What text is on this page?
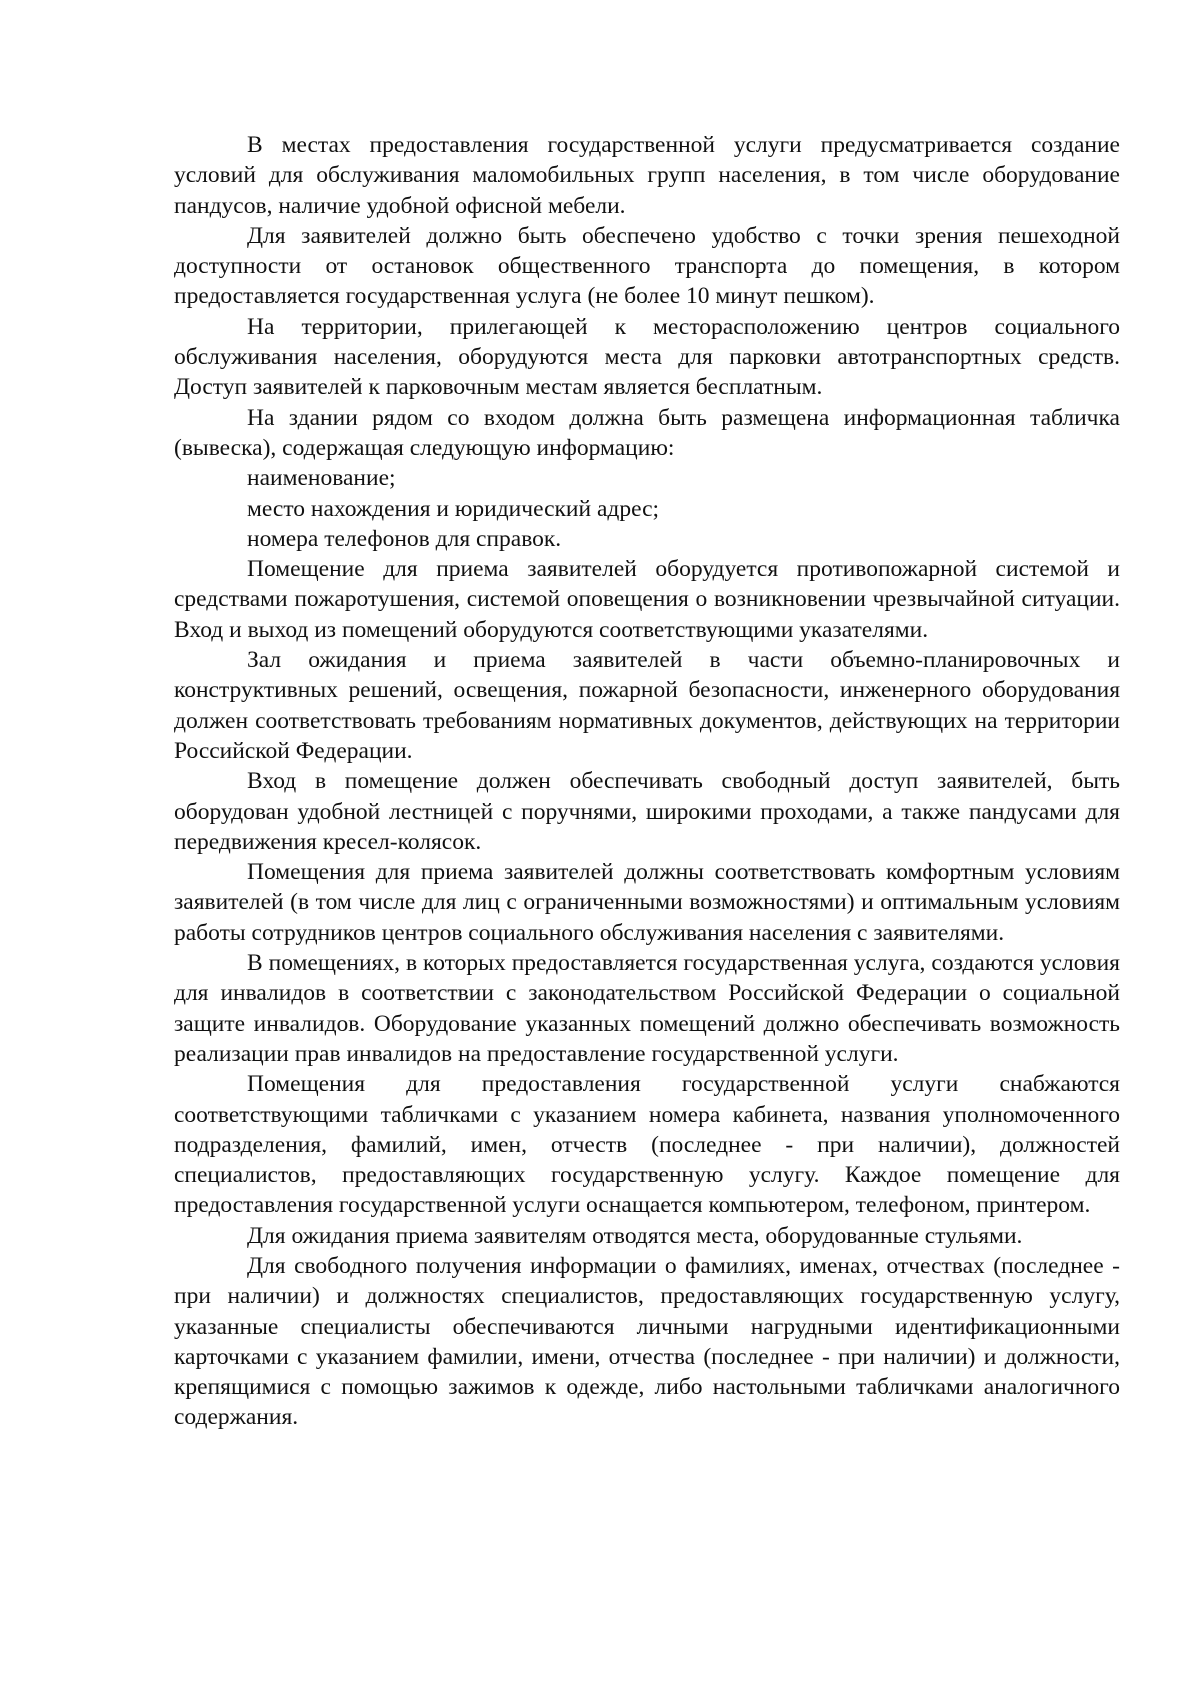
В местах предоставления государственной услуги предусматривается создание условий для обслуживания маломобильных групп населения, в том числе оборудование пандусов, наличие удобной офисной мебели.

Для заявителей должно быть обеспечено удобство с точки зрения пешеходной доступности от остановок общественного транспорта до помещения, в котором предоставляется государственная услуга (не более 10 минут пешком).

На территории, прилегающей к месторасположению центров социального обслуживания населения, оборудуются места для парковки автотранспортных средств. Доступ заявителей к парковочным местам является бесплатным.

На здании рядом со входом должна быть размещена информационная табличка (вывеска), содержащая следующую информацию:

наименование;

место нахождения и юридический адрес;

номера телефонов для справок.

Помещение для приема заявителей оборудуется противопожарной системой и средствами пожаротушения, системой оповещения о возникновении чрезвычайной ситуации. Вход и выход из помещений оборудуются соответствующими указателями.

Зал ожидания и приема заявителей в части объемно-планировочных и конструктивных решений, освещения, пожарной безопасности, инженерного оборудования должен соответствовать требованиям нормативных документов, действующих на территории Российской Федерации.

Вход в помещение должен обеспечивать свободный доступ заявителей, быть оборудован удобной лестницей с поручнями, широкими проходами, а также пандусами для передвижения кресел-колясок.

Помещения для приема заявителей должны соответствовать комфортным условиям заявителей (в том числе для лиц с ограниченными возможностями) и оптимальным условиям работы сотрудников центров социального обслуживания населения с заявителями.

В помещениях, в которых предоставляется государственная услуга, создаются условия для инвалидов в соответствии с законодательством Российской Федерации о социальной защите инвалидов. Оборудование указанных помещений должно обеспечивать возможность реализации прав инвалидов на предоставление государственной услуги.

Помещения для предоставления государственной услуги снабжаются соответствующими табличками с указанием номера кабинета, названия уполномоченного подразделения, фамилий, имен, отчеств (последнее - при наличии), должностей специалистов, предоставляющих государственную услугу. Каждое помещение для предоставления государственной услуги оснащается компьютером, телефоном, принтером.

Для ожидания приема заявителям отводятся места, оборудованные стульями.

Для свободного получения информации о фамилиях, именах, отчествах (последнее - при наличии) и должностях специалистов, предоставляющих государственную услугу, указанные специалисты обеспечиваются личными нагрудными идентификационными карточками с указанием фамилии, имени, отчества (последнее - при наличии) и должности, крепящимися с помощью зажимов к одежде, либо настольными табличками аналогичного содержания.
